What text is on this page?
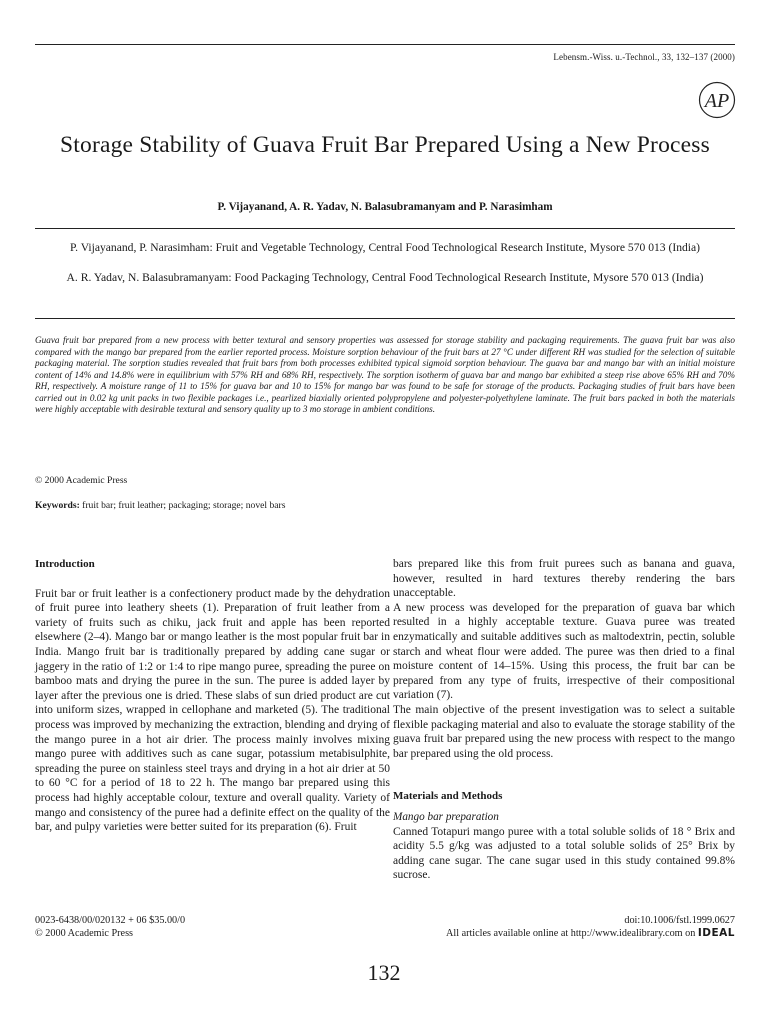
Lebensm.-Wiss. u.-Technol., 33, 132–137 (2000)
AP
Storage Stability of Guava Fruit Bar Prepared Using a New Process
P. Vijayanand, A. R. Yadav, N. Balasubramanyam and P. Narasimham
P. Vijayanand, P. Narasimham: Fruit and Vegetable Technology, Central Food Technological Research Institute, Mysore 570 013 (India)
A. R. Yadav, N. Balasubramanyam: Food Packaging Technology, Central Food Technological Research Institute, Mysore 570 013 (India)
Guava fruit bar prepared from a new process with better textural and sensory properties was assessed for storage stability and packaging requirements. The guava fruit bar was also compared with the mango bar prepared from the earlier reported process. Moisture sorption behaviour of the fruit bars at 27 °C under different RH was studied for the selection of suitable packaging material. The sorption studies revealed that fruit bars from both processes exhibited typical sigmoid sorption behaviour. The guava bar and mango bar with an initial moisture content of 14% and 14.8% were in equilibrium with 57% RH and 68% RH, respectively. The sorption isotherm of guava bar and mango bar exhibited a steep rise above 65% RH and 70% RH, respectively. A moisture range of 11 to 15% for guava bar and 10 to 15% for mango bar was found to be safe for storage of the products. Packaging studies of fruit bars have been carried out in 0.02 kg unit packs in two flexible packages i.e., pearlized biaxially oriented polypropylene and polyester-polyethylene laminate. The fruit bars packed in both the materials were highly acceptable with desirable textural and sensory quality up to 3 mo storage in ambient conditions.
© 2000 Academic Press
Keywords: fruit bar; fruit leather; packaging; storage; novel bars
Introduction

Fruit bar or fruit leather is a confectionery product made by the dehydration of fruit puree into leathery sheets (1). Preparation of fruit leather from a variety of fruits such as chiku, jack fruit and apple has been reported elsewhere (2–4). Mango bar or mango leather is the most popular fruit bar in India. Mango fruit bar is traditionally prepared by adding cane sugar or jaggery in the ratio of 1:2 or 1:4 to ripe mango puree, spreading the puree on bamboo mats and drying the puree in the sun. The puree is added layer by layer after the previous one is dried. These slabs of sun dried product are cut into uniform sizes, wrapped in cellophane and marketed (5). The traditional process was improved by mechanizing the extraction, blending and drying of the mango puree in a hot air drier. The process mainly involves mixing mango puree with additives such as cane sugar, potassium metabisulphite, spreading the puree on stainless steel trays and drying in a hot air drier at 50 to 60 °C for a period of 18 to 22 h. The mango bar prepared using this process had highly acceptable colour, texture and overall quality. Variety of mango and consistency of the puree had a definite effect on the quality of the bar, and pulpy varieties were better suited for its preparation (6). Fruit

bars prepared like this from fruit purees such as banana and guava, however, resulted in hard textures thereby rendering the bars unacceptable.

A new process was developed for the preparation of guava bar which resulted in a highly acceptable texture. Guava puree was treated enzymatically and suitable additives such as maltodextrin, pectin, soluble starch and wheat flour were added. The puree was then dried to a final moisture content of 14–15%. Using this process, the fruit bar can be prepared from any type of fruits, irrespective of their compositional variation (7).

The main objective of the present investigation was to select a suitable flexible packaging material and also to evaluate the storage stability of the guava fruit bar prepared using the new process with respect to the mango bar prepared using the old process.

Materials and Methods
Mango bar preparation

Canned Totapuri mango puree with a total soluble solids of 18 ° Brix and acidity 5.5 g/kg was adjusted to a total soluble solids of 25° Brix by adding cane sugar. The cane sugar used in this study contained 99.8% sucrose.

0023-6438/00/020132 + 06 $35.00/0
© 2000 Academic Press
doi:10.1006/fstl.1999.0627
All articles available online at http://www.idealibrary.com on IDEAL
132
